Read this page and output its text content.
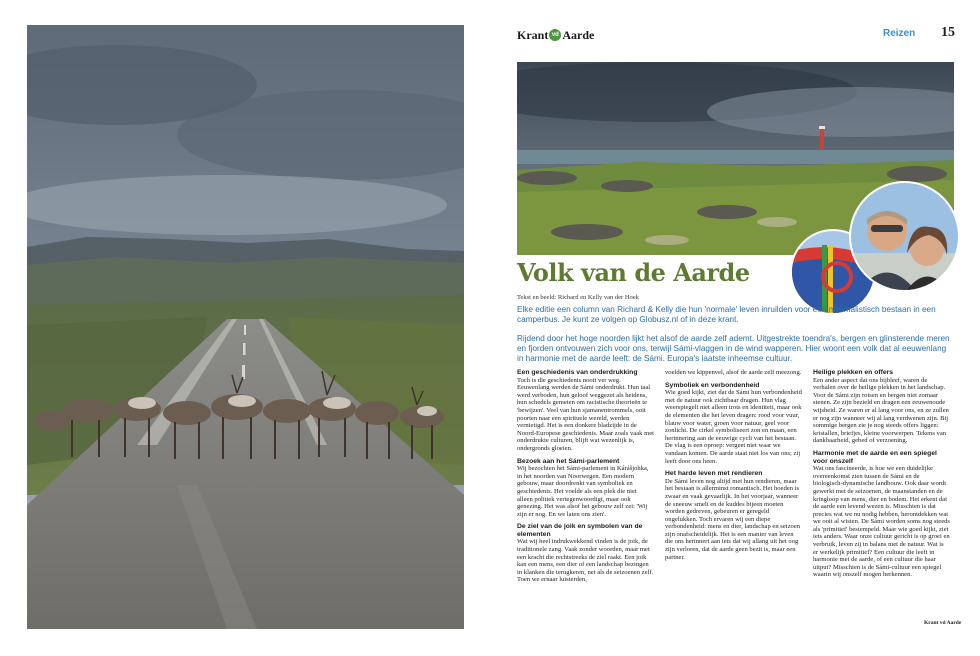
Krant vd Aarde	Reizen 15
Volk van de Aarde
Tekst en beeld: Richard en Kelly van der Hoek

Elke editie een column van Richard & Kelly die hun 'normale' leven inruilden voor een minimalistisch bestaan in een camperbus. Je kunt ze volgen op Globusz.nl of in deze krant.

Rijdend door het hoge noorden lijkt het alsof de aarde zelf ademt. Uitgestrekte toendra's, bergen en glinsterende meren en fjorden ontvouwen zich voor ons, terwijl Sámi-vlaggen in de wind wapperen. Hier woont een volk dat al eeuwenlang in harmonie met de aarde leeft: de Sámi. Europa's laatste inheemse cultuur.

Een geschiedenis van onderdrukking

Toch is die geschiedenis nooit ver weg. Eeuwenlang werden de Sámi onderdrukt. Hun taal werd verboden, hun geloof weggezet als heidens, hun schedels gemeten om racistische theorieën te 'bewijzen'. Veel van hun sjamanentrommels, ooit poorten naar een spirituele wereld, werden vernietigd. Het is een donkere bladzijde in de Noord-Europese geschiedenis. Maar zoals vaak met onderdrukte culturen, blijft wat wezenlijk is, ondergronds gloeien.

Bezoek aan het Sámi-parlement

Wij bezochten het Sámi-parlement in Kárášjohka, in het noorden van Noorwegen. Een modern gebouw, maar doordrenkt van symboliek en geschiedenis. Het voelde als een plek die niet alleen politiek vertegenwoordigt, maar ook genezing. Het was alsof het gebouw zelf zei: 'Wij zijn er nog. En we laten ons zien'.

De ziel van de joik en symbolen van de elementen

Wat wij heel indrukwekkend vinden is de joik, de traditionele zang. Vaak zonder woorden, maar met een kracht die rechtstreeks de ziel raakt. Een joik kan een mens, een dier of een landschap bezingen in klanken die terugkeren, net als de seizoenen zelf. Toen we ernaar luisterden,

voelden we kippenvel, alsof de aarde zelf meezong.

Symboliek en verbondenheid

Wie goed kijkt, ziet dat de Sámi hun verbondenheid met de natuur ook zichtbaar dragen. Hun vlag weerspiegelt niet alleen trots en identiteit, maar ook de elementen die het leven dragen: rood voor vuur, blauw voor water, groen voor natuur, geel voor zonlicht. De cirkel symboliseert zon en maan, een herinnering aan de eeuwige cycli van het bestaan. De vlag is een oproep: vergeet niet waar we vandaan komen. De aarde staat niet los van ons; zij leeft door ons heen.

Het harde leven met rendieren

De Sámi leven nog altijd met hun rendieren, maar het bestaan is allerminst romantisch. Het hoeden is zwaar en vaak gevaarlijk. In het voorjaar, wanneer de sneeuw smelt en de kuddes bijeen moeten worden gedreven, gebeuren er geregeld ongelukken. Toch ervaren wij een diepe verbondenheid: mens en dier, landschap en seizoen zijn onafscheidelijk. Het is een manier van leven die ons herinnert aan iets dat wij allang uit het oog zijn verloren, dat de aarde geen bezit is, maar een partner.

Heilige plekken en offers

Een ander aspect dat ons bijbleef, waren de verhalen over de heilige plekken in het landschap. Voor de Sámi zijn rotsen en bergen niet zomaar stenen. Ze zijn bezield en dragen een eeuwenoude wijsheid. Ze waren er al lang voor ons, en ze zullen er nog zijn wanneer wij al lang verdwenen zijn. Bij sommige bergen zie je nog steeds offers liggen: kristallen, briefjes, kleine voorwerpen. Tekens van dankbaarheid, gebed of verzoening.

Harmonie met de aarde en een spiegel voor onszelf

Wat ons fascineerde, is hoe we een duidelijke overeenkomst zien tussen de Sámi en de biologisch-dynamische landbouw. Ook daar wordt gewerkt met de seizoenen, de maanstanden en de kringloop van mens, dier en bodem. Het erkent dat de aarde een levend wezen is. Misschien is dat precies wat we nu nodig hebben, herontdekken wat we ooit al wisten. De Sámi worden soms nog steeds als 'primitief' bestempeld. Maar wie goed kijkt, ziet iets anders. Waar onze cultuur gericht is op groei en verbruik, leven zij in balans met de natuur. Wat is er werkelijk primitief? Een cultuur die leeft in harmonie met de aarde, of een cultuur die haar uitput? Misschien is de Sámi-cultuur een spiegel waarin wij onszelf mogen herkennen.

Krant vd Aarde
